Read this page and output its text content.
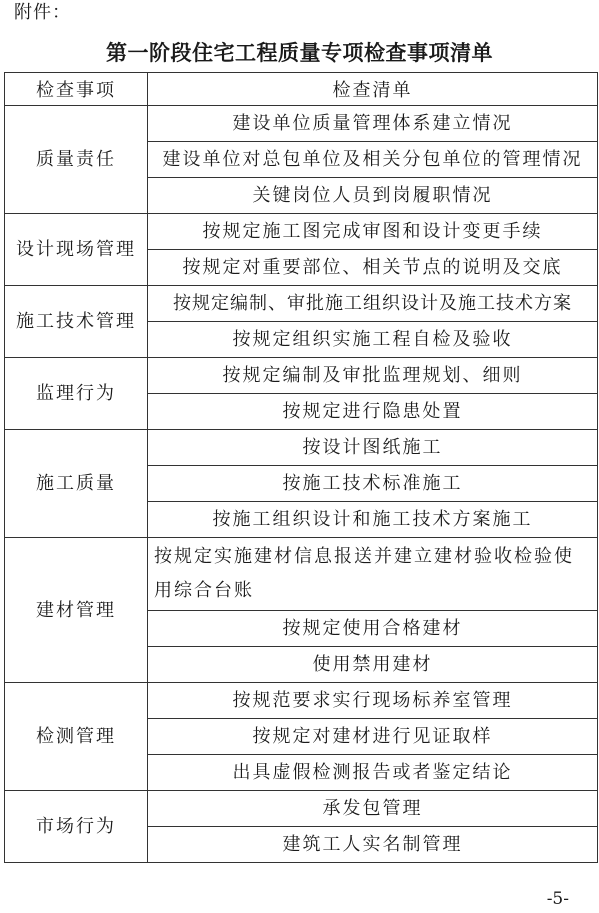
附件：
第一阶段住宅工程质量专项检查事项清单
检查事项	检查清单
质量责任	建设单位质量管理体系建立情况
	建设单位对总包单位及相关分包单位的管理情况
	关键岗位人员到岗履职情况
设计现场管理	按规定施工图完成审图和设计变更手续
	按规定对重要部位、相关节点的说明及交底
施工技术管理	按规定编制、审批施工组织设计及施工技术方案
	按规定组织实施工程自检及验收
监理行为	按规定编制及审批监理规划、细则
	按规定进行隐患处置
施工质量	按设计图纸施工
	按施工技术标准施工
	按施工组织设计和施工技术方案施工
建材管理	按规定实施建材信息报送并建立建材验收检验使用综合台账
	按规定使用合格建材
	使用禁用建材
检测管理	按规范要求实行现场标养室管理
	按规定对建材进行见证取样
	出具虚假检测报告或者鉴定结论
市场行为	承发包管理
	建筑工人实名制管理
-5-
